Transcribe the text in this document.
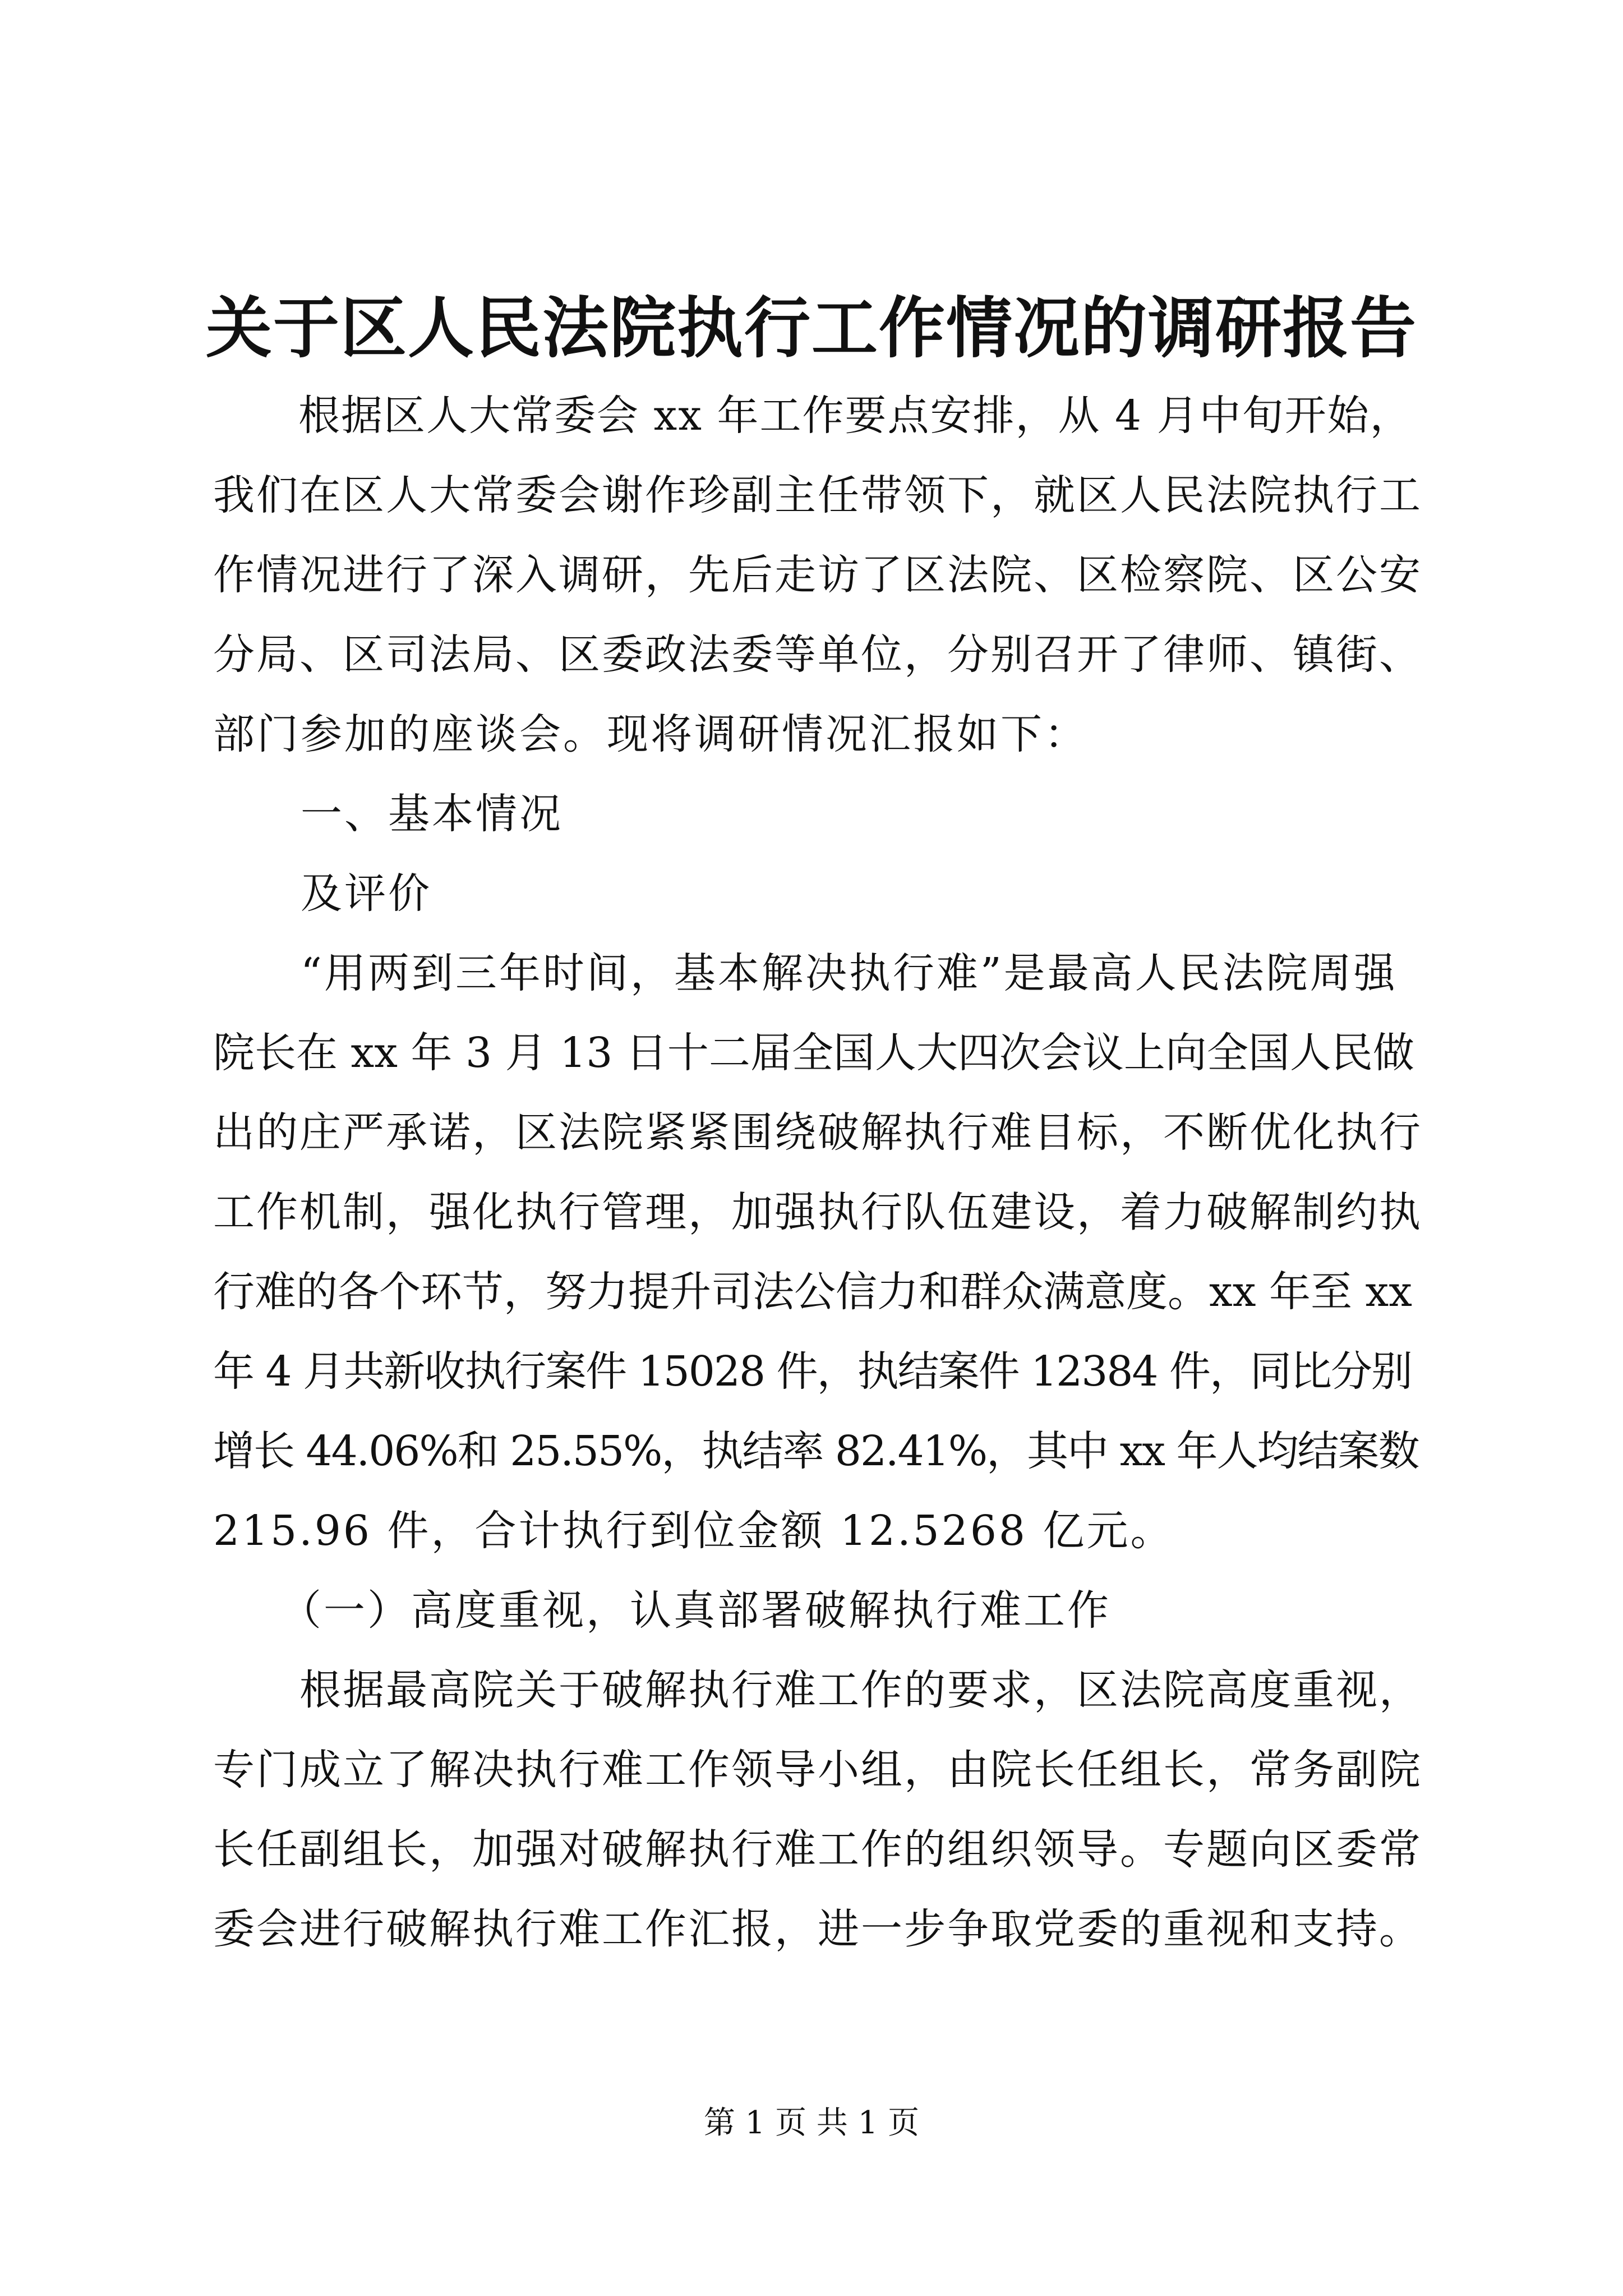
关于区人民法院执行工作情况的调研报告
　　根据区人大常委会 xx 年工作要点安排，从 4 月中旬开始，
我们在区人大常委会谢作珍副主任带领下，就区人民法院执行工
作情况进行了深入调研，先后走访了区法院、区检察院、区公安
分局、区司法局、区委政法委等单位，分别召开了律师、镇街、
部门参加的座谈会。现将调研情况汇报如下：
　　一、基本情况
　　及评价
　　“用两到三年时间，基本解决执行难”是最高人民法院周强
院长在 xx 年 3 月 13 日十二届全国人大四次会议上向全国人民做
出的庄严承诺，区法院紧紧围绕破解执行难目标，不断优化执行
工作机制，强化执行管理，加强执行队伍建设，着力破解制约执
行难的各个环节，努力提升司法公信力和群众满意度。xx 年至 xx
年 4 月共新收执行案件 15028 件，执结案件 12384 件，同比分别
增长 44.06%和 25.55%，执结率 82.41%，其中 xx 年人均结案数
215.96 件，合计执行到位金额 12.5268 亿元。
　　（一）高度重视，认真部署破解执行难工作
　　根据最高院关于破解执行难工作的要求，区法院高度重视，
专门成立了解决执行难工作领导小组，由院长任组长，常务副院
长任副组长，加强对破解执行难工作的组织领导。专题向区委常
委会进行破解执行难工作汇报，进一步争取党委的重视和支持。
第 1 页 共 1 页
